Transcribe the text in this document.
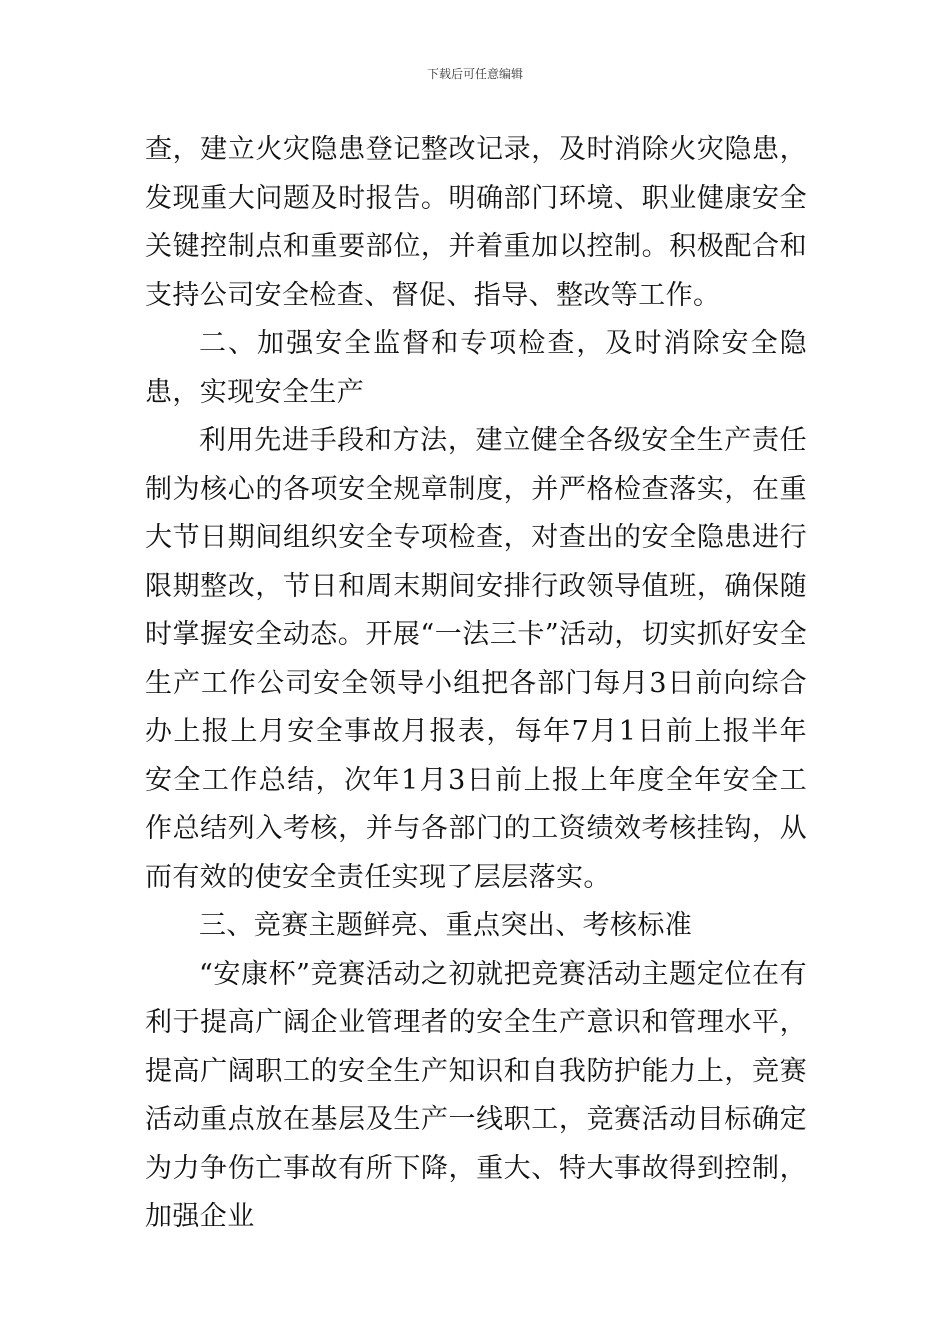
下载后可任意编辑

查，建立火灾隐患登记整改记录，及时消除火灾隐患，发现重大问题及时报告。明确部门环境、职业健康安全关键控制点和重要部位，并着重加以控制。积极配合和支持公司安全检查、督促、指导、整改等工作。

二、加强安全监督和专项检查，及时消除安全隐患，实现安全生产

利用先进手段和方法，建立健全各级安全生产责任制为核心的各项安全规章制度，并严格检查落实，在重大节日期间组织安全专项检查，对查出的安全隐患进行限期整改，节日和周末期间安排行政领导值班，确保随时掌握安全动态。开展“一法三卡”活动，切实抓好安全生产工作公司安全领导小组把各部门每月3日前向综合办上报上月安全事故月报表，每年7月1日前上报半年安全工作总结，次年1月3日前上报上年度全年安全工作总结列入考核，并与各部门的工资绩效考核挂钩，从而有效的使安全责任实现了层层落实。

三、竞赛主题鲜亮、重点突出、考核标准

“安康杯”竞赛活动之初就把竞赛活动主题定位在有利于提高广阔企业管理者的安全生产意识和管理水平，提高广阔职工的安全生产知识和自我防护能力上，竞赛活动重点放在基层及生产一线职工，竞赛活动目标确定为力争伤亡事故有所下降，重大、特大事故得到控制，加强企业
